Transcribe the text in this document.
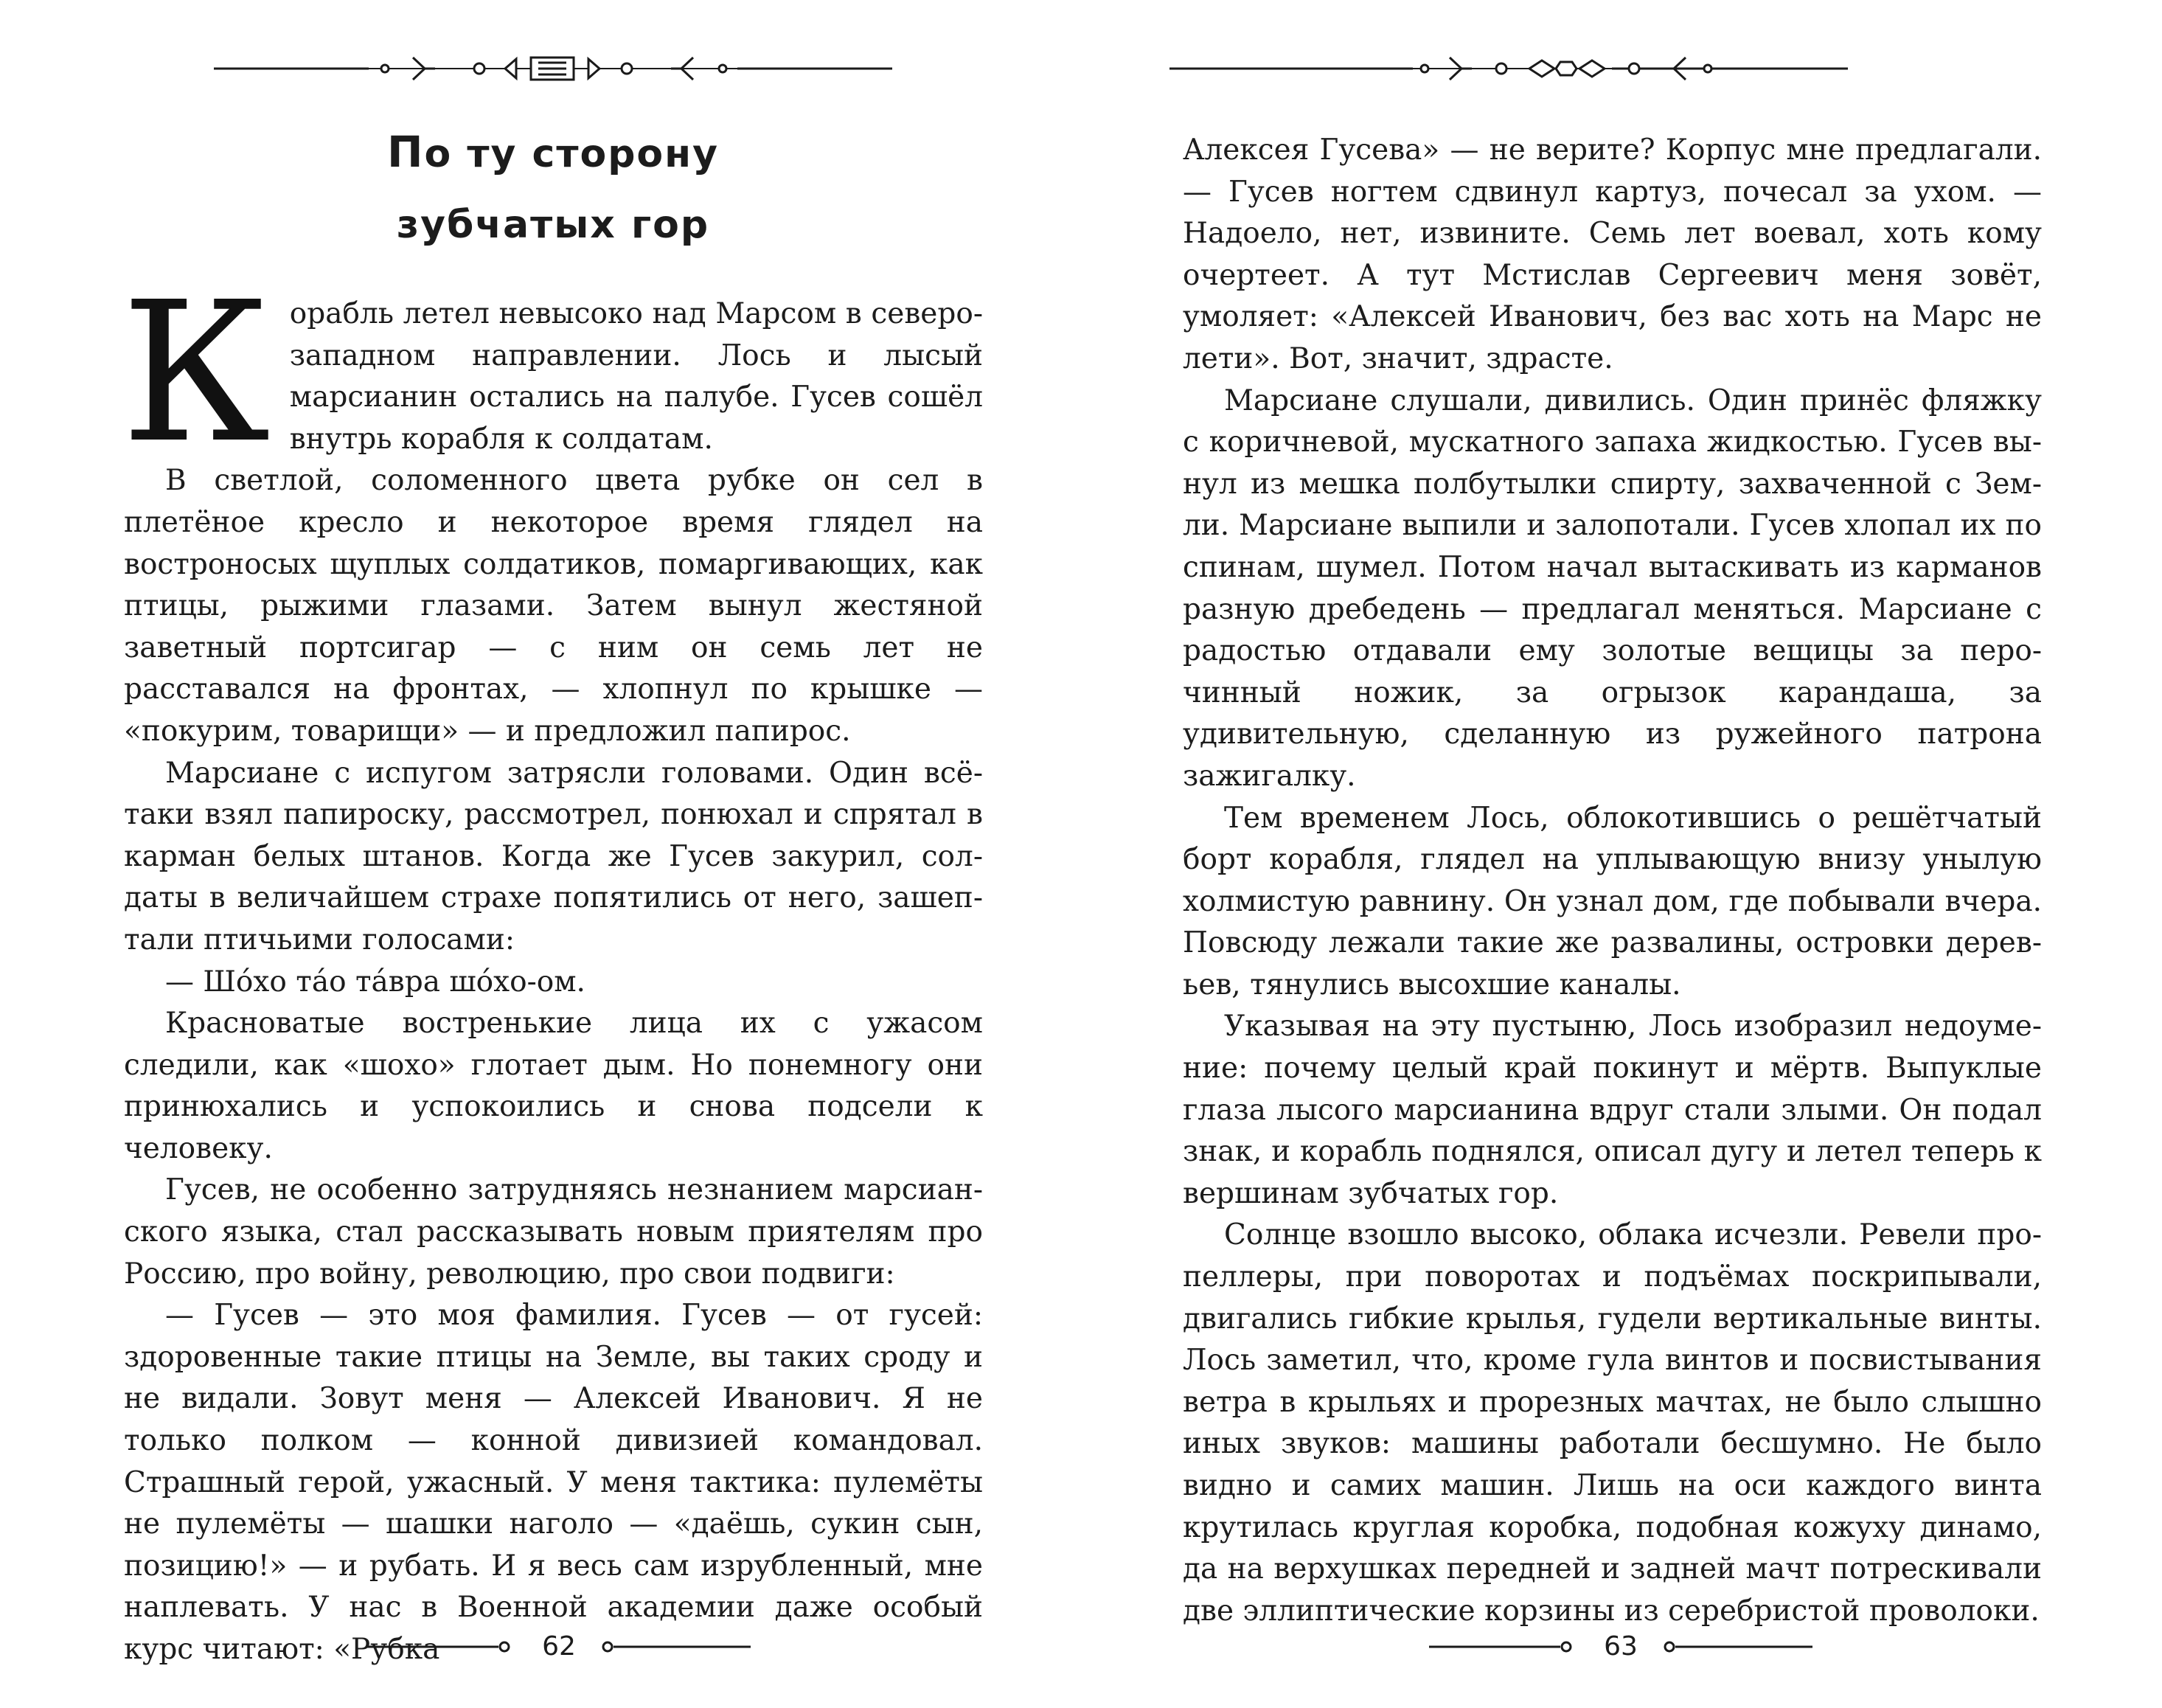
По ту сторону
зубчатых гор

Корабль летел невысоко над Марсом в северозападном направлении. Лось и лысый марсианин остались на палубе. Гусев сошёл внутрь корабля к солдатам.

В светлой, соломенного цвета рубке он сел в плетёное кресло и некоторое время глядел на востроносых щуплых солдатиков, помаргивающих, как птицы, рыжими глазами. Затем вынул жестяной заветный портсигар — с ним он семь лет не расставался на фронтах, — хлопнул по крышке — «покурим, товарищи» — и предложил папирос.

Марсиане с испугом затрясли головами. Один всётаки взял папироску, рассмотрел, понюхал и спрятал в карман белых штанов. Когда же Гусев закурил, солдаты в величайшем страхе попятились от него, зашептали птичьими голосами:

— Шо́хо та́о та́вра шо́хо-ом.

Красноватые востренькие лица их с ужасом следили, как «шохо» глотает дым. Но понемногу они принюхались и успокоились и снова подсели к человеку.

Гусев, не особенно затрудняясь незнанием марсианского языка, стал рассказывать новым приятелям про Россию, про войну, революцию, про свои подвиги:

— Гусев — это моя фамилия. Гусев — от гусей: здоровенные такие птицы на Земле, вы таких сроду и не видали. Зовут меня — Алексей Иванович. Я не только полком — конной дивизией командовал. Страшный герой, ужасный. У меня тактика: пулемёты не пулемёты — шашки наголо — «даёшь, сукин сын, позицию!» — и рубать. И я весь сам изрубленный, мне наплевать. У нас в Военной академии даже особый курс читают: «Рубка	62

Алексея Гусева» — не верите? Корпус мне предлагали. — Гусев ногтем сдвинул картуз, почесал за ухом. — Надоело, нет, извините. Семь лет воевал, хоть кому очертеет. А тут Мстислав Сергеевич меня зовёт, умоляет: «Алексей Иванович, без вас хоть на Марс не лети». Вот, значит, здрасте.

Марсиане слушали, дивились. Один принёс фляжку с коричневой, мускатного запаха жидкостью. Гусев вынул из мешка полбутылки спирту, захваченной с Земли. Марсиане выпили и залопотали. Гусев хлопал их по спинам, шумел. Потом начал вытаскивать из карманов разную дребедень — предлагал меняться. Марсиане с радостью отдавали ему золотые вещицы за перочинный ножик, за огрызок карандаша, за удивительную, сделанную из ружейного патрона зажигалку.

Тем временем Лось, облокотившись о решётчатый борт корабля, глядел на уплывающую внизу унылую холмистую равнину. Он узнал дом, где побывали вчера. Повсюду лежали такие же развалины, островки деревьев, тянулись высохшие каналы.

Указывая на эту пустыню, Лось изобразил недоумение: почему целый край покинут и мёртв. Выпуклые глаза лысого марсианина вдруг стали злыми. Он подал знак, и корабль поднялся, описал дугу и летел теперь к вершинам зубчатых гор.

Солнце взошло высоко, облака исчезли. Ревели пропеллеры, при поворотах и подъёмах поскрипывали, двигались гибкие крылья, гудели вертикальные винты. Лось заметил, что, кроме гула винтов и посвистывания ветра в крыльях и прорезных мачтах, не было слышно иных звуков: машины работали бесшумно. Не было видно и самих машин. Лишь на оси каждого винта крутилась круглая коробка, подобная кожуху динамо, да на верхушках передней и задней мачт потрескивали две эллиптические корзины из серебристой проволоки.

63
